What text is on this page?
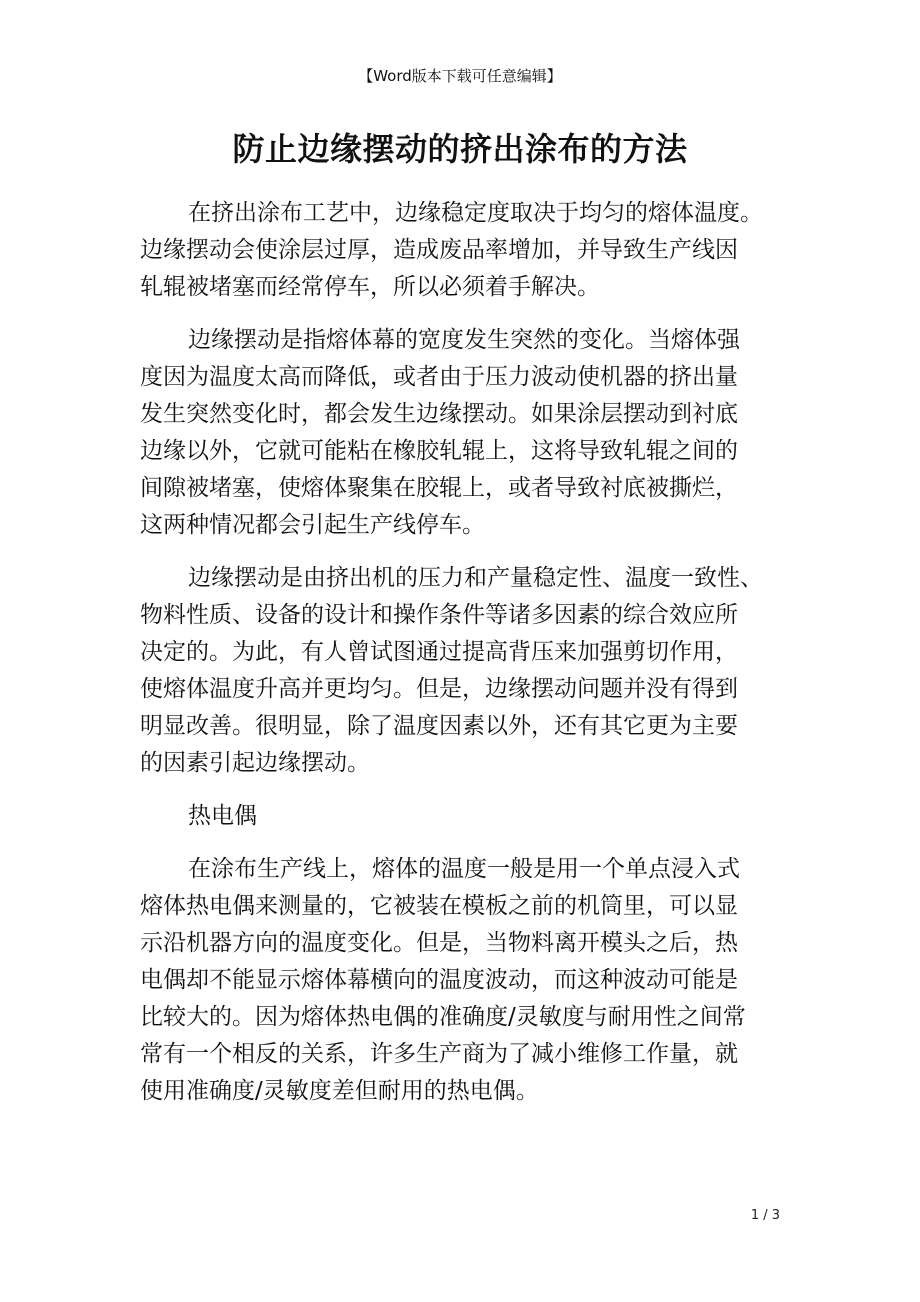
【Word版本下载可任意编辑】
防止边缘摆动的挤出涂布的方法

在挤出涂布工艺中，边缘稳定度取决于均匀的熔体温度。
边缘摆动会使涂层过厚，造成废品率增加，并导致生产线因
轧辊被堵塞而经常停车，所以必须着手解决。

边缘摆动是指熔体幕的宽度发生突然的变化。当熔体强
度因为温度太高而降低，或者由于压力波动使机器的挤出量
发生突然变化时，都会发生边缘摆动。如果涂层摆动到衬底
边缘以外，它就可能粘在橡胶轧辊上，这将导致轧辊之间的
间隙被堵塞，使熔体聚集在胶辊上，或者导致衬底被撕烂，
这两种情况都会引起生产线停车。

边缘摆动是由挤出机的压力和产量稳定性、温度一致性、
物料性质、设备的设计和操作条件等诸多因素的综合效应所
决定的。为此，有人曾试图通过提高背压来加强剪切作用，
使熔体温度升高并更均匀。但是，边缘摆动问题并没有得到
明显改善。很明显，除了温度因素以外，还有其它更为主要
的因素引起边缘摆动。

热电偶

在涂布生产线上，熔体的温度一般是用一个单点浸入式
熔体热电偶来测量的，它被装在模板之前的机筒里，可以显
示沿机器方向的温度变化。但是，当物料离开模头之后，热
电偶却不能显示熔体幕横向的温度波动，而这种波动可能是
比较大的。因为熔体热电偶的准确度/灵敏度与耐用性之间常
常有一个相反的关系，许多生产商为了减小维修工作量，就
使用准确度/灵敏度差但耐用的热电偶。

1 / 3
